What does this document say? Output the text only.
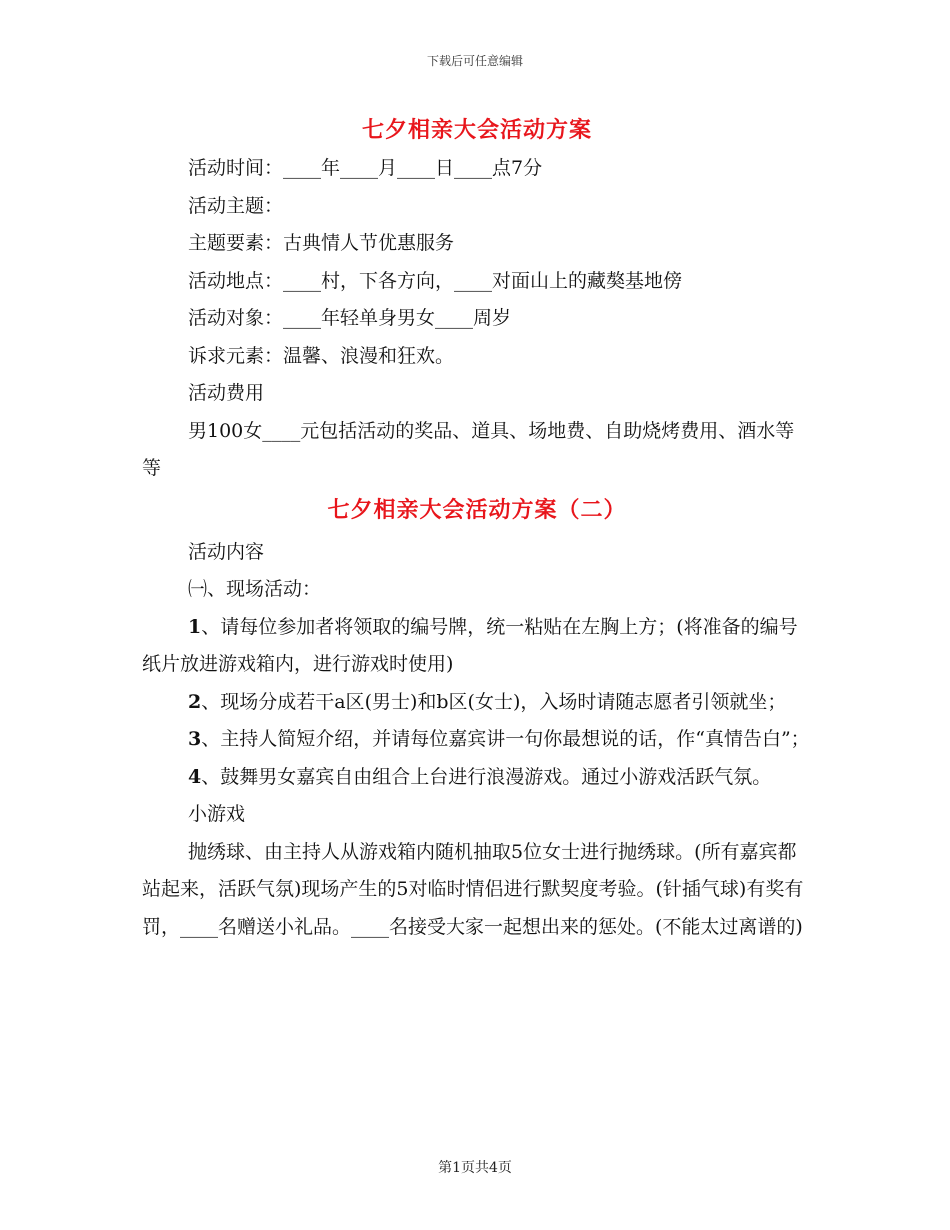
下载后可任意编辑
七夕相亲大会活动方案

活动时间：____年____月____日____点7分

活动主题：

主题要素：古典情人节优惠服务

活动地点：____村，下各方向，____对面山上的藏獒基地傍

活动对象：____年轻单身男女____周岁

诉求元素：温馨、浪漫和狂欢。

活动费用

男100女____元包括活动的奖品、道具、场地费、自助烧烤费用、酒水等等

七夕相亲大会活动方案（二）

活动内容

㈠、现场活动：

1、请每位参加者将领取的编号牌，统一粘贴在左胸上方；(将准备的编号纸片放进游戏箱内，进行游戏时使用)

2、现场分成若干a区(男士)和b区(女士)，入场时请随志愿者引领就坐；

3、主持人简短介绍，并请每位嘉宾讲一句你最想说的话，作“真情告白”；

4、鼓舞男女嘉宾自由组合上台进行浪漫游戏。通过小游戏活跃气氛。

小游戏

抛绣球、由主持人从游戏箱内随机抽取5位女士进行抛绣球。(所有嘉宾都站起来，活跃气氛)现场产生的5对临时情侣进行默契度考验。(针插气球)有奖有罚，____名赠送小礼品。____名接受大家一起想出来的惩处。(不能太过离谱的)

第1页共4页
